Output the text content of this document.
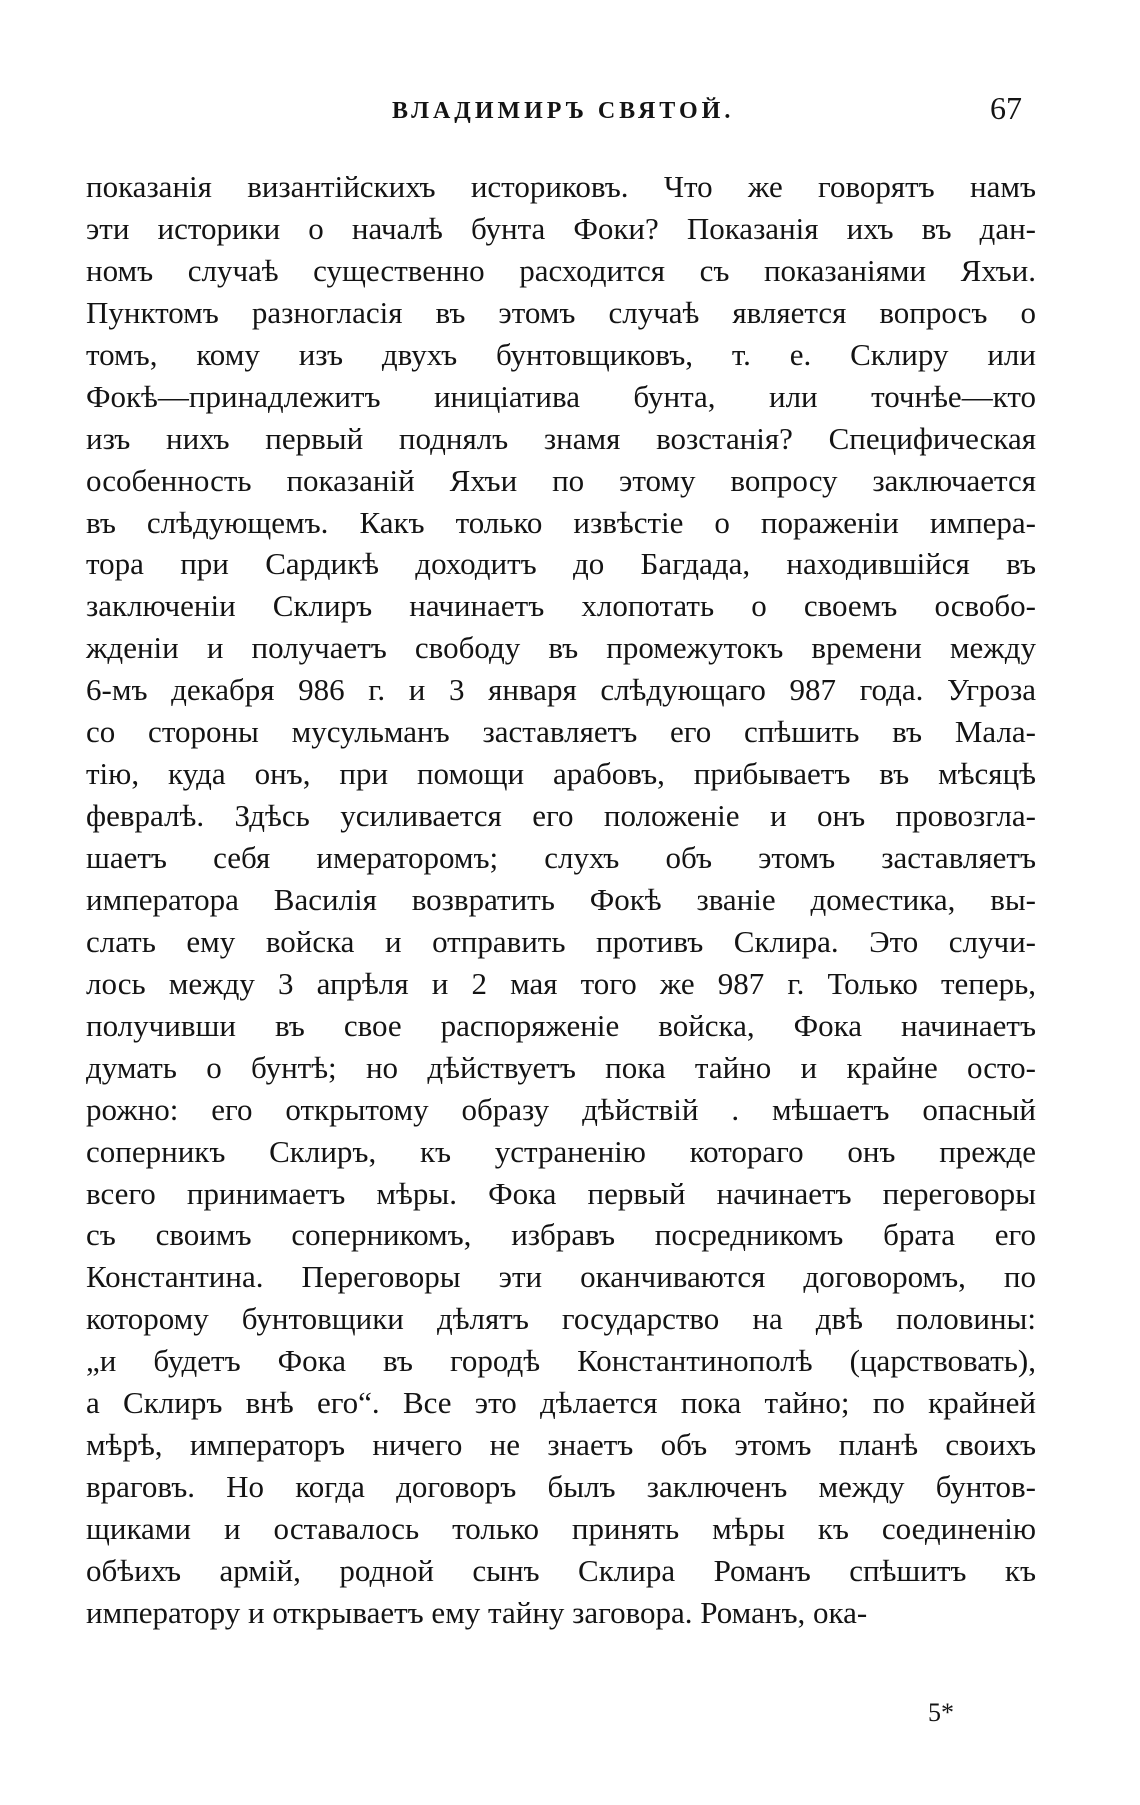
ВЛАДИМИРЪ СВЯТОЙ.	67
показанія византійскихъ историковъ. Что же говорятъ намъ
эти историки о началѣ бунта Фоки? Показанія ихъ въ дан-
номъ случаѣ существенно расходится съ показаніями Яхъи.
Пунктомъ разногласія въ этомъ случаѣ является вопросъ о
томъ, кому изъ двухъ бунтовщиковъ, т. е. Склиру или
Фокѣ—принадлежитъ иниціатива бунта, или точнѣе—кто
изъ нихъ первый поднялъ знамя возстанія? Специфическая
особенность показаній Яхъи по этому вопросу заключается
въ слѣдующемъ. Какъ только извѣстіе о пораженіи импера-
тора при Сардикѣ доходитъ до Багдада, находившійся въ
заключеніи Склиръ начинаетъ хлопотать о своемъ освобо-
жденіи и получаетъ свободу въ промежутокъ времени между
6-мъ декабря 986 г. и 3 января слѣдующаго 987 года. Угроза
со стороны мусульманъ заставляетъ его спѣшить въ Мала-
тію, куда онъ, при помощи арабовъ, прибываетъ въ мѣсяцѣ
февралѣ. Здѣсь усиливается его положеніе и онъ провозгла-
шаетъ себя имераторомъ; слухъ объ этомъ заставляетъ
императора Василія возвратить Фокѣ званіе доместика, вы-
слать ему войска и отправить противъ Склира. Это случи-
лось между 3 апрѣля и 2 мая того же 987 г. Только теперь,
получивши въ свое распоряженіе войска, Фока начинаетъ
думать о бунтѣ; но дѣйствуетъ пока тайно и крайне осто-
рожно: его открытому образу дѣйствій . мѣшаетъ опасный
соперникъ Склиръ, къ устраненію котораго онъ прежде
всего принимаетъ мѣры. Фока первый начинаетъ переговоры
съ своимъ соперникомъ, избравъ посредникомъ брата его
Константина. Переговоры эти оканчиваются договоромъ, по
которому бунтовщики дѣлятъ государство на двѣ половины:
„и будетъ Фока въ городѣ Константинополѣ (царствовать),
а Склиръ внѣ его“. Все это дѣлается пока тайно; по крайней
мѣрѣ, императоръ ничего не знаетъ объ этомъ планѣ своихъ
враговъ. Но когда договоръ былъ заключенъ между бунтов-
щиками и оставалось только принять мѣры къ соединенію
обѣихъ армій, родной сынъ Склира Романъ спѣшитъ къ
императору и открываетъ ему тайну заговора. Романъ, ока-
5*
